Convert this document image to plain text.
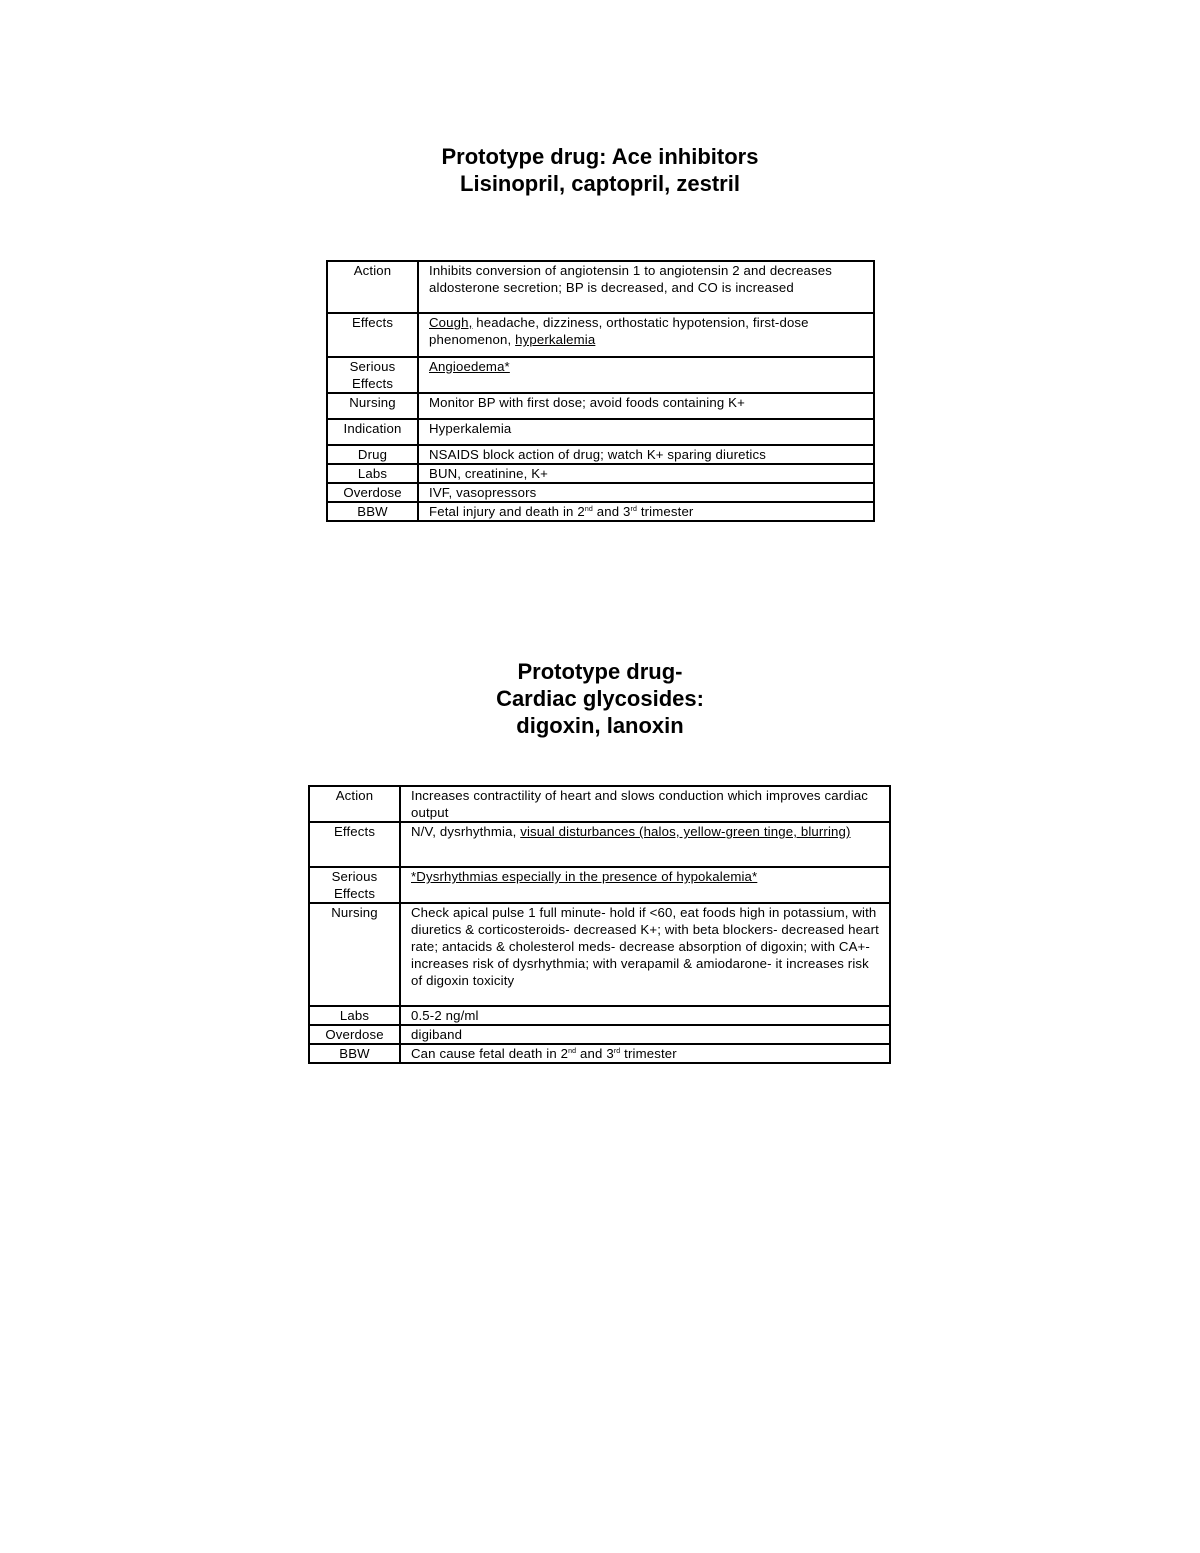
Prototype drug: Ace inhibitors
Lisinopril, captopril, zestril
Action	Inhibits conversion of angiotensin 1 to angiotensin 2 and decreases aldosterone secretion; BP is decreased, and CO is increased
Effects	Cough, headache, dizziness, orthostatic hypotension, first-dose phenomenon, hyperkalemia
Serious Effects	Angioedema*
Nursing	Monitor BP with first dose; avoid foods containing K+
Indication	Hyperkalemia
Drug	NSAIDS block action of drug; watch K+ sparing diuretics
Labs	BUN, creatinine, K+
Overdose	IVF, vasopressors
BBW	Fetal injury and death in 2nd and 3rd trimester
Prototype drug-
Cardiac glycosides:
digoxin, lanoxin
Action	Increases contractility of heart and slows conduction which improves cardiac output
Effects	N/V, dysrhythmia, visual disturbances (halos, yellow-green tinge, blurring)
Serious Effects	*Dysrhythmias especially in the presence of hypokalemia*
Nursing	Check apical pulse 1 full minute- hold if <60, eat foods high in potassium, with diuretics & corticosteroids- decreased K+; with beta blockers- decreased heart rate; antacids & cholesterol meds- decrease absorption of digoxin; with CA+- increases risk of dysrhythmia; with verapamil & amiodarone- it increases risk of digoxin toxicity
Labs	0.5-2 ng/ml
Overdose	digiband
BBW	Can cause fetal death in 2nd and 3rd trimester
